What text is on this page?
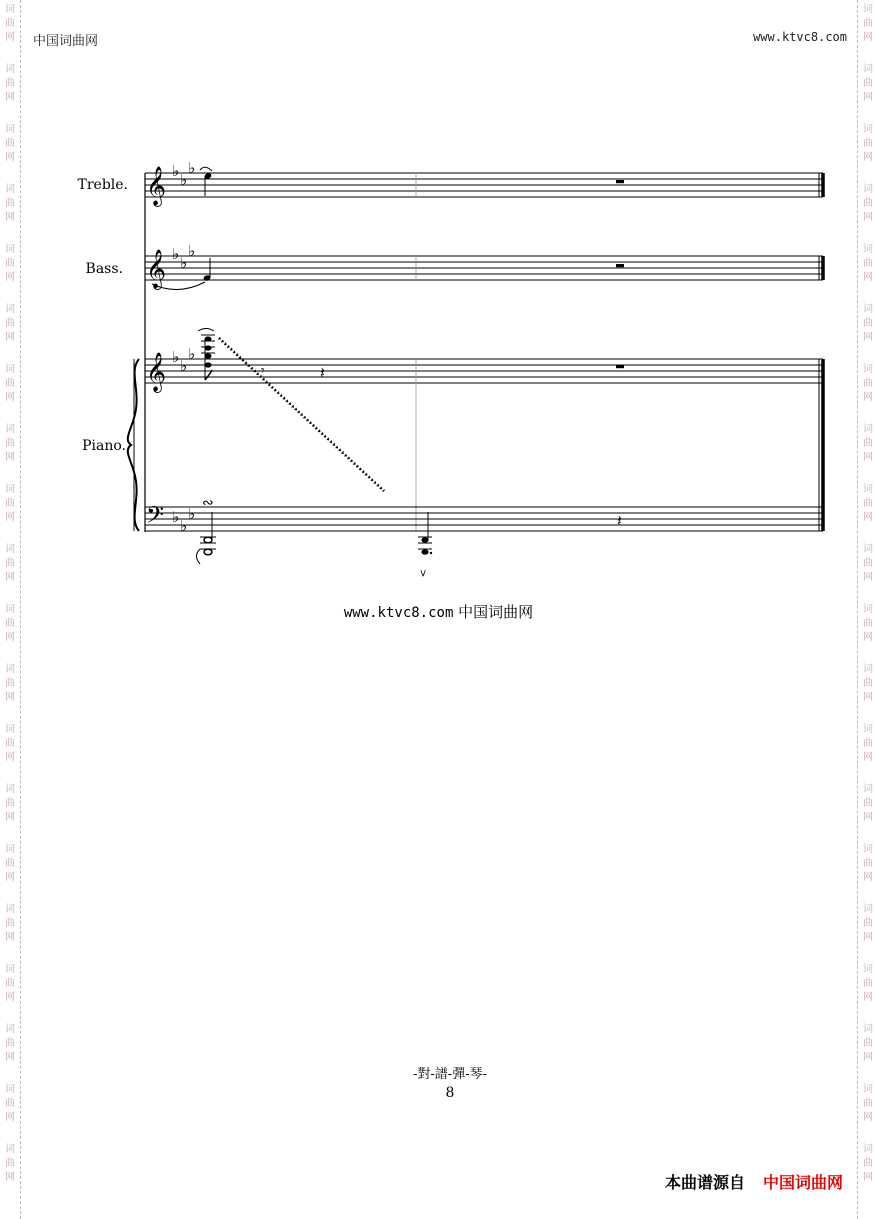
词
曲
网
词
曲
网
词
曲
网
词
曲
网
词
曲
网
词
曲
网
词
曲
网
词
曲
网
词
曲
网
词
曲
网
词
曲
网
词
曲
网
词
曲
网
词
曲
网
词
曲
网
词
曲
网
词
曲
网
词
曲
网
词
曲
网
词
曲
网
词
曲
网
词
曲
网
词
曲
网
词
曲
网
词
曲
网
词
曲
网
词
曲
网
词
曲
网
词
曲
网
词
曲
网
词
曲
网
词
曲
网
词
曲
网
词
曲
网
词
曲
网
词
曲
网
词
曲
网
词
曲
网
词
曲
网
词
曲
网
中国词曲网	www.ktvc8.com
Treble.
Bass.
Piano.
𝄞 ♭ ♭
♭
𝄞 ♭ ♭
♭
𝄞 ♭ ♭
♭
𝄾	𝄽
𝄢 ♭ ♭
♭
∾
>
𝄽
www.ktvc8.com 中国词曲网
-對-譜-彈-琴-
8
本曲谱源自 中国词曲网
